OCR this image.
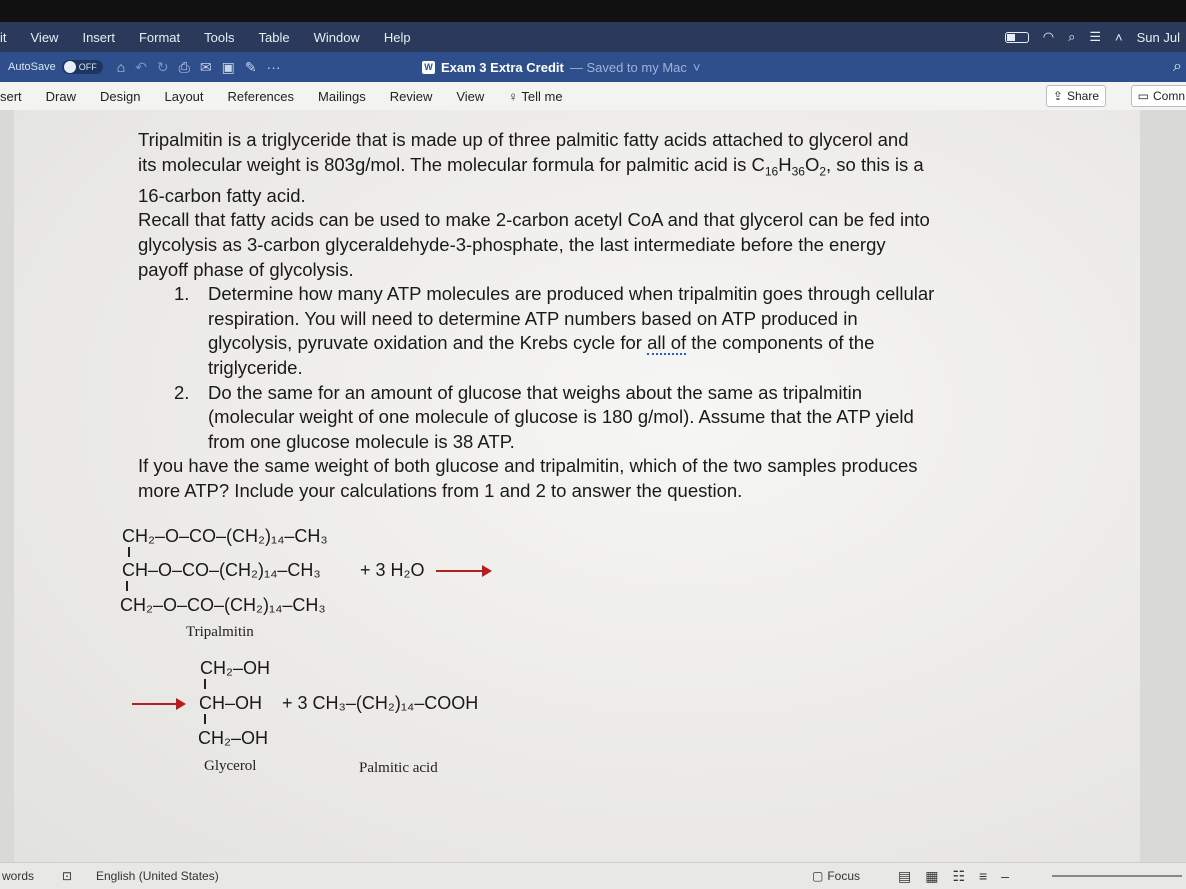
it	View	Insert	Format	Tools	Table	Window	Help	◠ ⌕ ☰ ˄ Sun Jul
AutoSave	OFF ⌂ ↶ ↻ ⎙ ✉ ▣ ✎ ···	W Exam 3 Extra Credit — Saved to my Mac ˅	⌕
sert	Draw	Design	Layout	References	Mailings	Review	View	♀ Tell me	⇪ Share	▭ Comn

Tripalmitin is a triglyceride that is made up of three palmitic fatty acids attached to glycerol and

its molecular weight is 803g/mol. The molecular formula for palmitic acid is $C_{16}H_{36}O_2$, so this is a

16-carbon fatty acid.

Recall that fatty acids can be used to make 2-carbon acetyl CoA and that glycerol can be fed into

glycolysis as 3-carbon glyceraldehyde-3-phosphate, the last intermediate before the energy

payoff phase of glycolysis.

1.	Determine how many ATP molecules are produced when tripalmitin goes through cellular

respiration. You will need to determine ATP numbers based on ATP produced in

glycolysis, pyruvate oxidation and the Krebs cycle for all of the components of the

triglyceride.

2.	Do the same for an amount of glucose that weighs about the same as tripalmitin

(molecular weight of one molecule of glucose is 180 g/mol). Assume that the ATP yield

from one glucose molecule is 38 ATP.

If you have the same weight of both glucose and tripalmitin, which of the two samples produces

more ATP? Include your calculations from 1 and 2 to answer the question.

CH₂–O–CO–(CH₂)₁₄–CH₃
CH–O–CO–(CH₂)₁₄–CH₃ + 3 H₂O →
CH₂–O–CO–(CH₂)₁₄–CH₃
Tripalmitin
CH₂–OH
→ CH–OH + 3 CH₃–(CH₂)₁₄–COOH
CH₂–OH
Glycerol	Palmitic acid
words ⊡ English (United States)	▢ Focus	▤ ▦ ☷ ≡ –
